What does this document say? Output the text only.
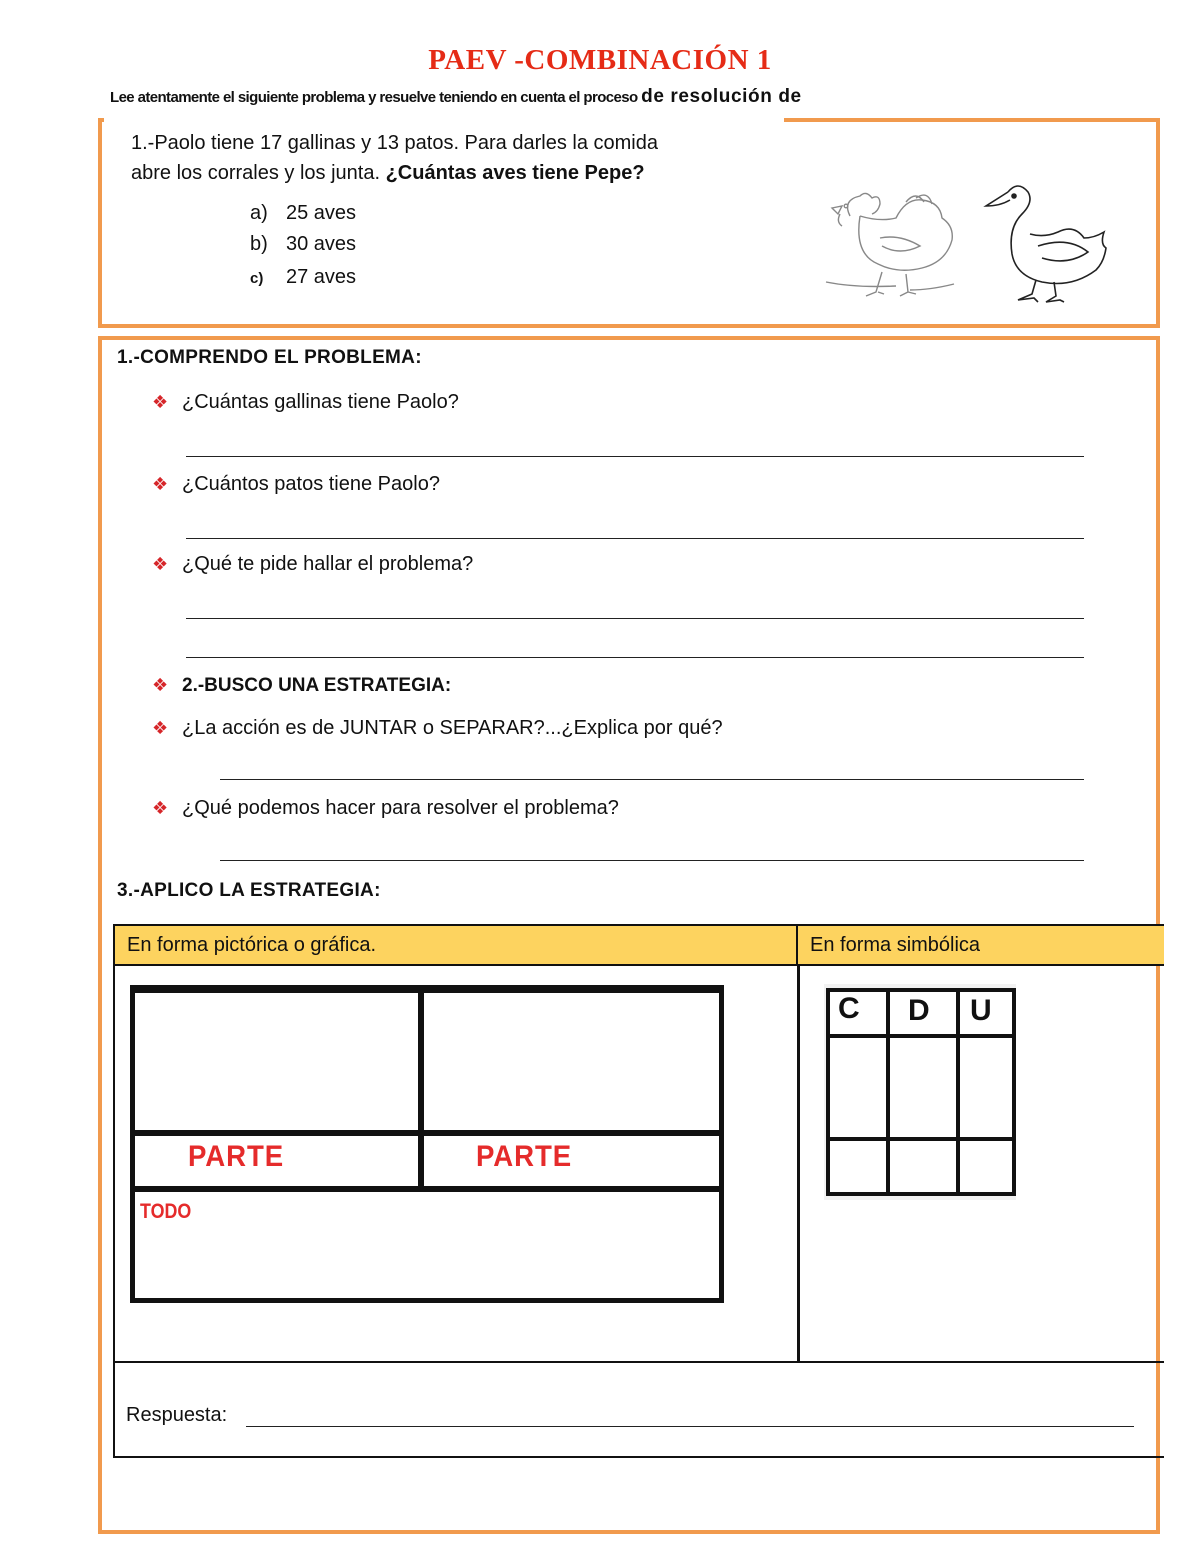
PAEV -COMBINACIÓN 1
Lee atentamente el siguiente problema y resuelve teniendo en cuenta el proceso de resolución de
1.-Paolo tiene 17 gallinas y 13 patos. Para darles la comida
abre los corrales y los junta. ¿Cuántas aves tiene Pepe?
a) 25 aves
b) 30 aves
c) 27 aves
1.-COMPRENDO EL PROBLEMA:
❖ ¿Cuántas gallinas tiene Paolo?
❖ ¿Cuántos patos tiene Paolo?
❖ ¿Qué te pide hallar el problema?
❖ 2.-BUSCO UNA ESTRATEGIA:
❖ ¿La acción es de JUNTAR o SEPARAR?...¿Explica por qué?
❖ ¿Qué podemos hacer para resolver el problema?
3.-APLICO LA ESTRATEGIA:
En forma pictórica o gráfica.	En forma simbólica
PARTE	PARTE
TODO
C D U
Respuesta:
